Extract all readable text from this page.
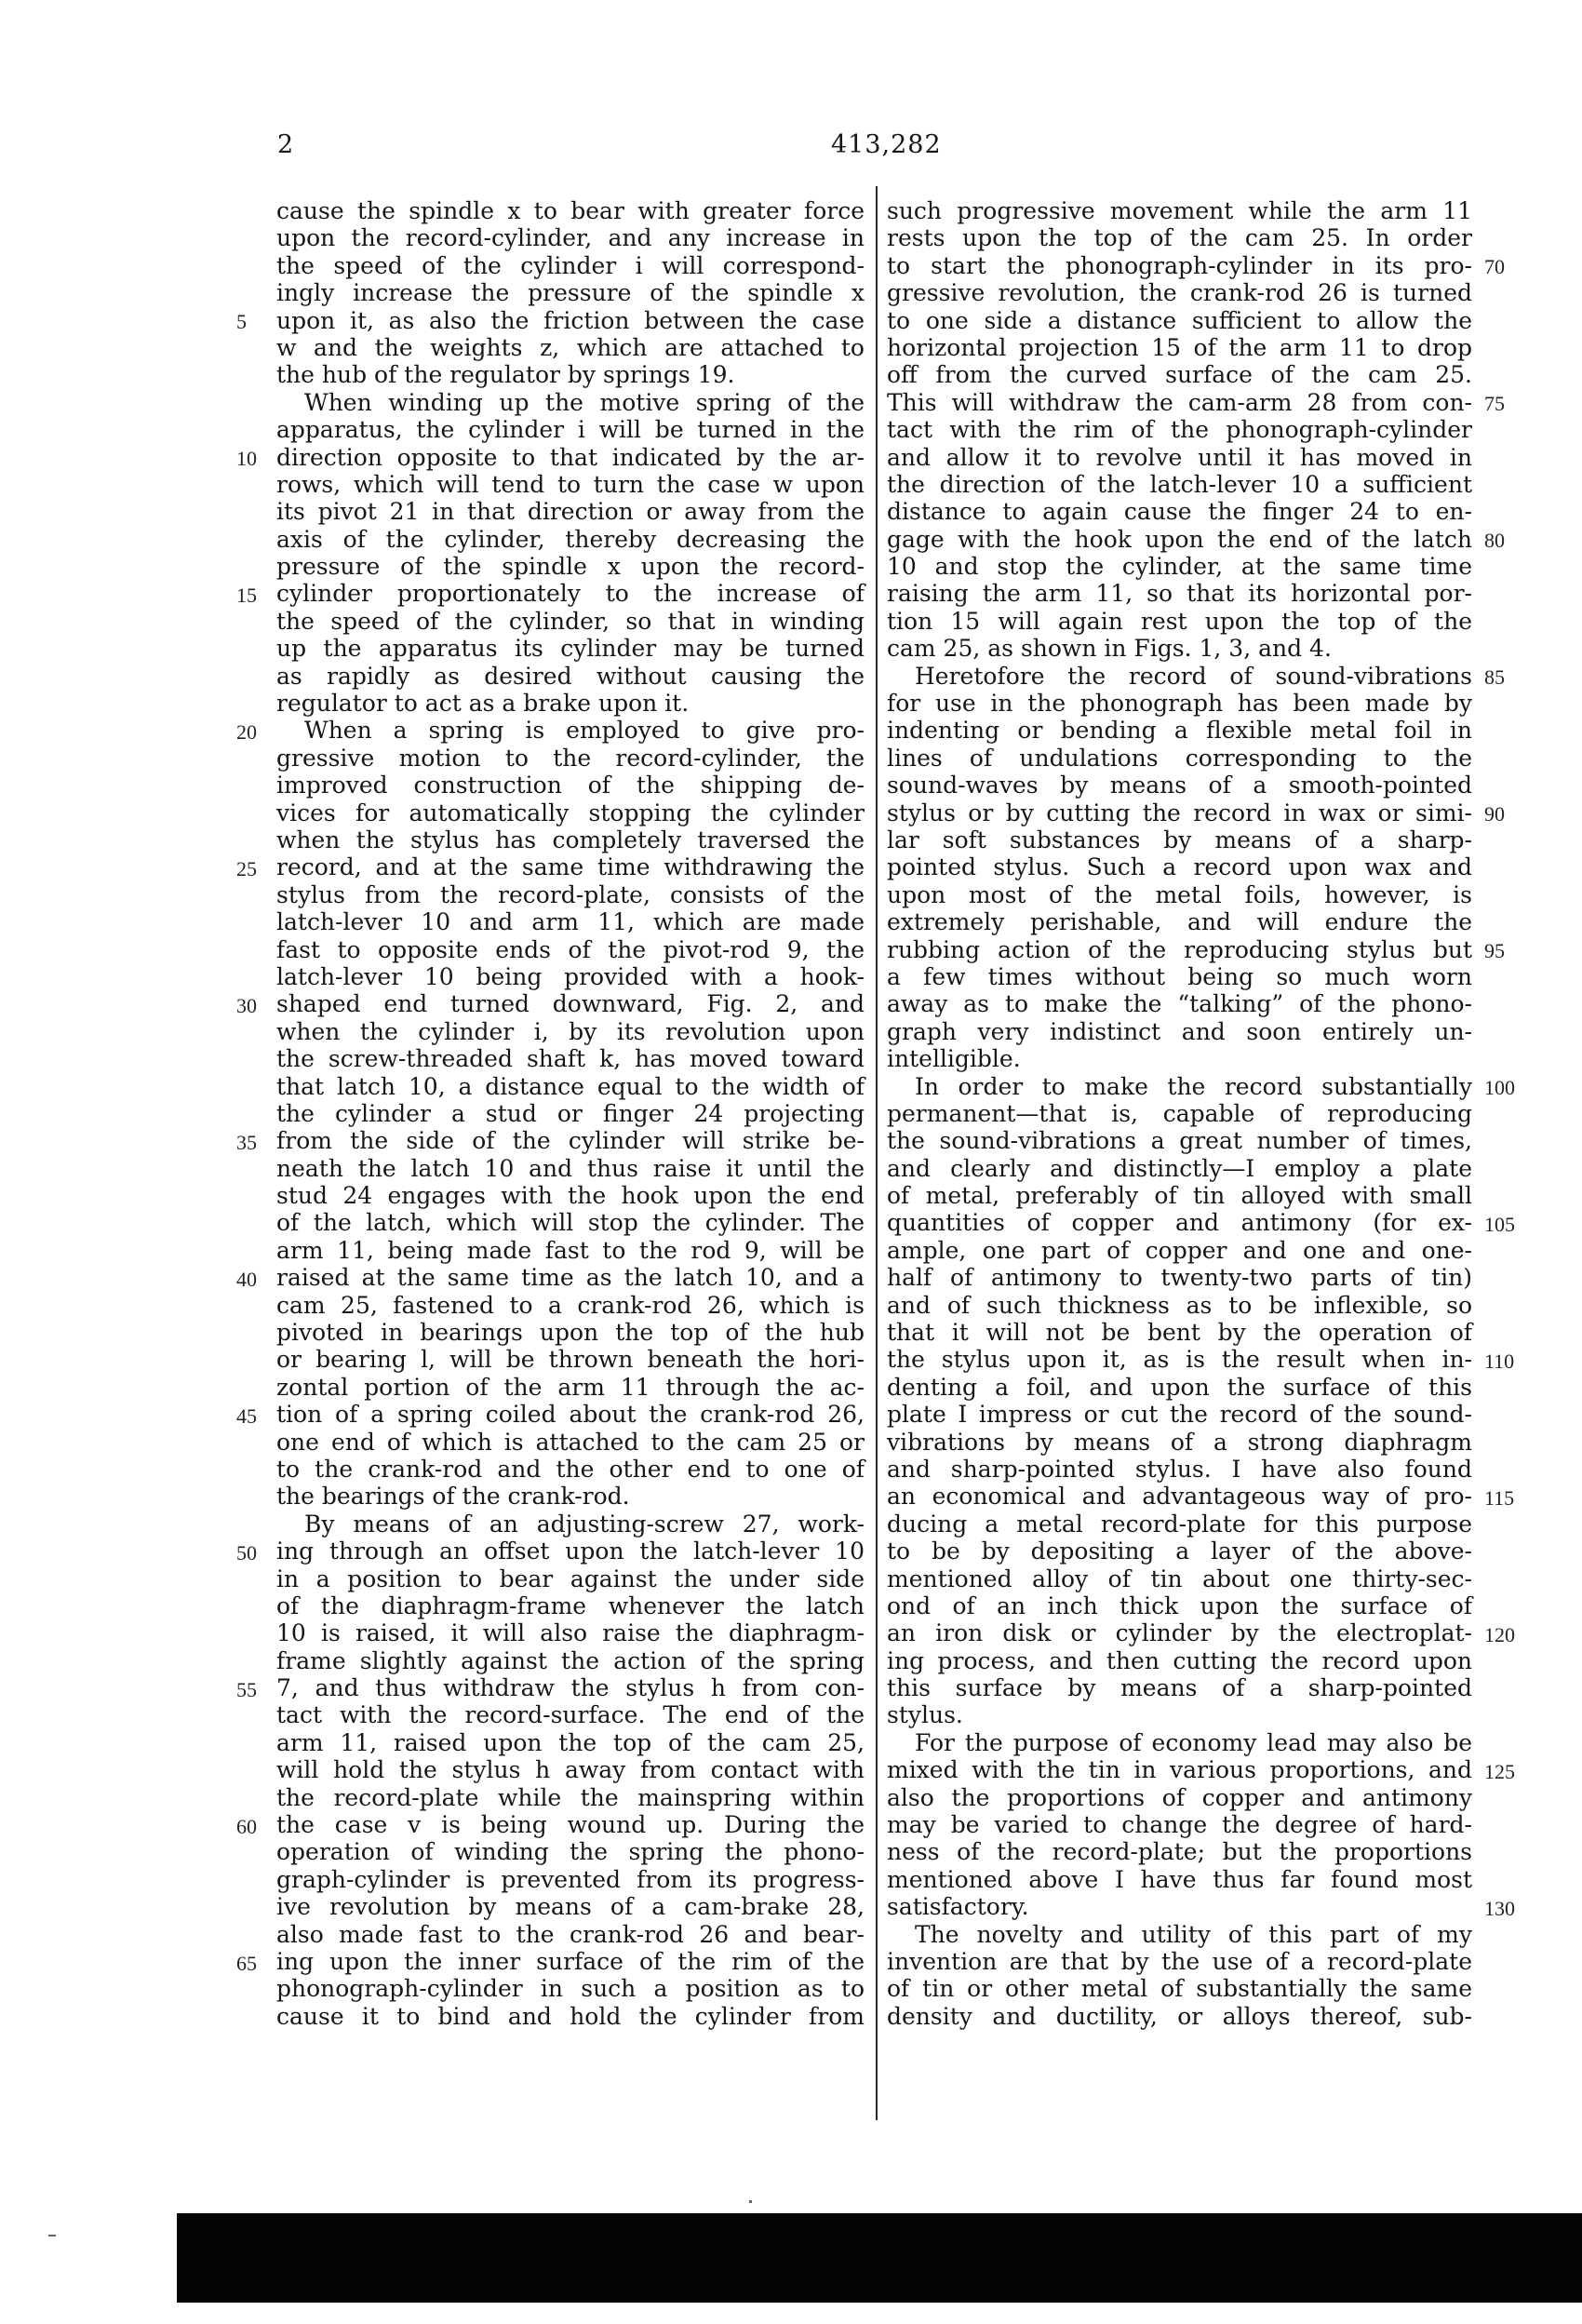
2	413,282
cause the spindle x to bear with greater force
upon the record-cylinder, and any increase in
the speed of the cylinder i will correspond-
ingly increase the pressure of the spindle x
upon it, as also the friction between the case
w and the weights z, which are attached to
the hub of the regulator by springs 19.
When winding up the motive spring of the
apparatus, the cylinder i will be turned in the
direction opposite to that indicated by the ar-
rows, which will tend to turn the case w upon
its pivot 21 in that direction or away from the
axis of the cylinder, thereby decreasing the
pressure of the spindle x upon the record-
cylinder proportionately to the increase of
the speed of the cylinder, so that in winding
up the apparatus its cylinder may be turned
as rapidly as desired without causing the
regulator to act as a brake upon it.
When a spring is employed to give pro-
gressive motion to the record-cylinder, the
improved construction of the shipping de-
vices for automatically stopping the cylinder
when the stylus has completely traversed the
record, and at the same time withdrawing the
stylus from the record-plate, consists of the
latch-lever 10 and arm 11, which are made
fast to opposite ends of the pivot-rod 9, the
latch-lever 10 being provided with a hook-
shaped end turned downward, Fig. 2, and
when the cylinder i, by its revolution upon
the screw-threaded shaft k, has moved toward
that latch 10, a distance equal to the width of
the cylinder a stud or finger 24 projecting
from the side of the cylinder will strike be-
neath the latch 10 and thus raise it until the
stud 24 engages with the hook upon the end
of the latch, which will stop the cylinder. The
arm 11, being made fast to the rod 9, will be
raised at the same time as the latch 10, and a
cam 25, fastened to a crank-rod 26, which is
pivoted in bearings upon the top of the hub
or bearing l, will be thrown beneath the hori-
zontal portion of the arm 11 through the ac-
tion of a spring coiled about the crank-rod 26,
one end of which is attached to the cam 25 or
to the crank-rod and the other end to one of
the bearings of the crank-rod.
By means of an adjusting-screw 27, work-
ing through an offset upon the latch-lever 10
in a position to bear against the under side
of the diaphragm-frame whenever the latch
10 is raised, it will also raise the diaphragm-
frame slightly against the action of the spring
7, and thus withdraw the stylus h from con-
tact with the record-surface. The end of the
arm 11, raised upon the top of the cam 25,
will hold the stylus h away from contact with
the record-plate while the mainspring within
the case v is being wound up. During the
operation of winding the spring the phono-
graph-cylinder is prevented from its progress-
ive revolution by means of a cam-brake 28,
also made fast to the crank-rod 26 and bear-
ing upon the inner surface of the rim of the
phonograph-cylinder in such a position as to
cause it to bind and hold the cylinder from
such progressive movement while the arm 11
rests upon the top of the cam 25. In order
to start the phonograph-cylinder in its pro-
gressive revolution, the crank-rod 26 is turned
to one side a distance sufficient to allow the
horizontal projection 15 of the arm 11 to drop
off from the curved surface of the cam 25.
This will withdraw the cam-arm 28 from con-
tact with the rim of the phonograph-cylinder
and allow it to revolve until it has moved in
the direction of the latch-lever 10 a sufficient
distance to again cause the finger 24 to en-
gage with the hook upon the end of the latch
10 and stop the cylinder, at the same time
raising the arm 11, so that its horizontal por-
tion 15 will again rest upon the top of the
cam 25, as shown in Figs. 1, 3, and 4.
Heretofore the record of sound-vibrations
for use in the phonograph has been made by
indenting or bending a flexible metal foil in
lines of undulations corresponding to the
sound-waves by means of a smooth-pointed
stylus or by cutting the record in wax or simi-
lar soft substances by means of a sharp-
pointed stylus. Such a record upon wax and
upon most of the metal foils, however, is
extremely perishable, and will endure the
rubbing action of the reproducing stylus but
a few times without being so much worn
away as to make the “talking” of the phono-
graph very indistinct and soon entirely un-
intelligible.
In order to make the record substantially
permanent—that is, capable of reproducing
the sound-vibrations a great number of times,
and clearly and distinctly—I employ a plate
of metal, preferably of tin alloyed with small
quantities of copper and antimony (for ex-
ample, one part of copper and one and one-
half of antimony to twenty-two parts of tin)
and of such thickness as to be inflexible, so
that it will not be bent by the operation of
the stylus upon it, as is the result when in-
denting a foil, and upon the surface of this
plate I impress or cut the record of the sound-
vibrations by means of a strong diaphragm
and sharp-pointed stylus. I have also found
an economical and advantageous way of pro-
ducing a metal record-plate for this purpose
to be by depositing a layer of the above-
mentioned alloy of tin about one thirty-sec-
ond of an inch thick upon the surface of
an iron disk or cylinder by the electroplat-
ing process, and then cutting the record upon
this surface by means of a sharp-pointed
stylus.
For the purpose of economy lead may also be
mixed with the tin in various proportions, and
also the proportions of copper and antimony
may be varied to change the degree of hard-
ness of the record-plate; but the proportions
mentioned above I have thus far found most
satisfactory.
The novelty and utility of this part of my
invention are that by the use of a record-plate
of tin or other metal of substantially the same
density and ductility, or alloys thereof, sub-
5
10
15
20
25
30
35
40
45
50
55
60
65
70
75
80
85
90
95
100
105
110
115
120
125
130
